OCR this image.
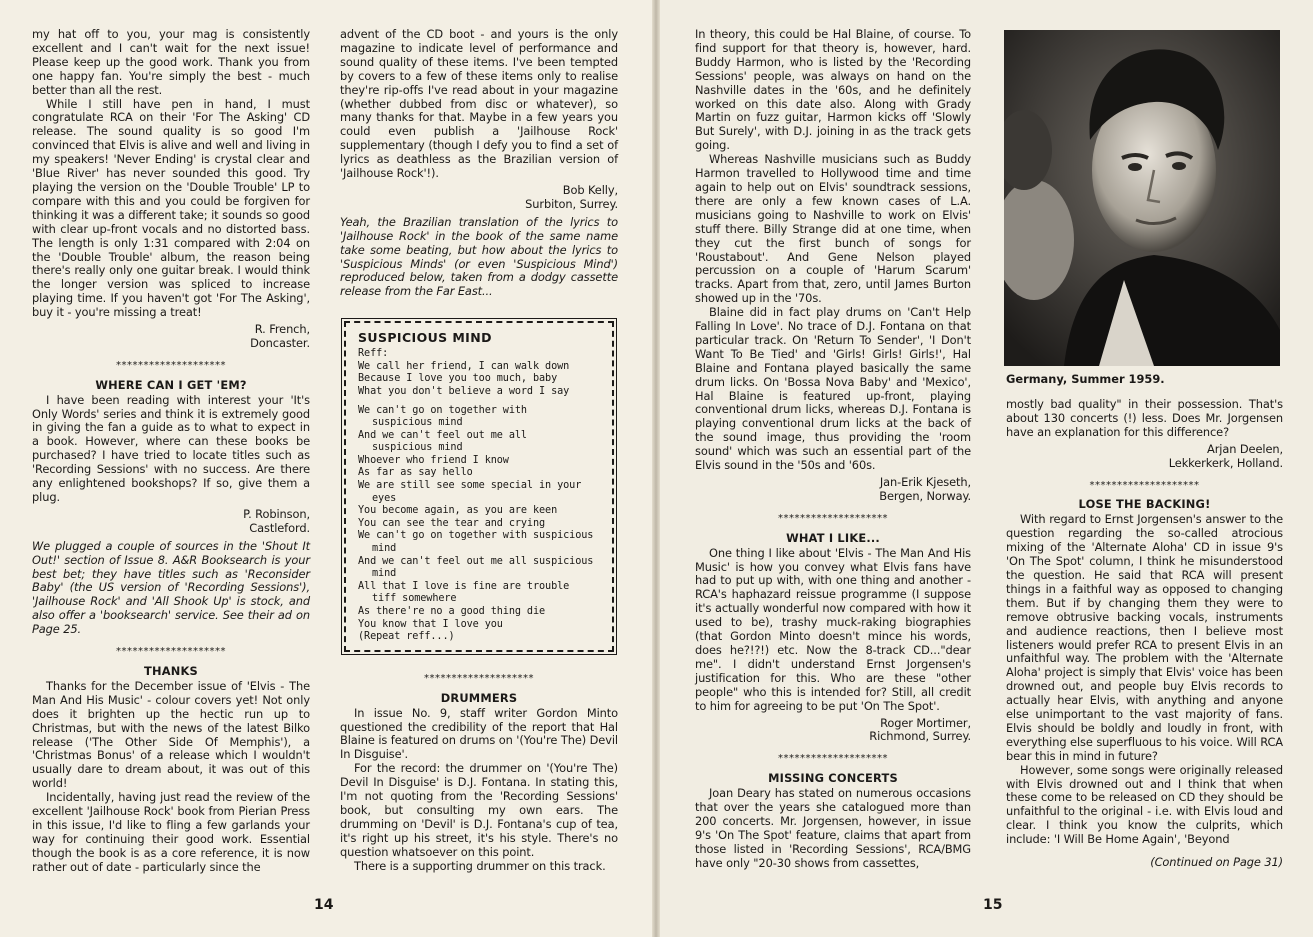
my hat off to you, your mag is consistently excellent and I can't wait for the next issue! Please keep up the good work. Thank you from one happy fan. You're simply the best - much better than all the rest.

While I still have pen in hand, I must congratulate RCA on their 'For The Asking' CD release. The sound quality is so good I'm convinced that Elvis is alive and well and living in my speakers! 'Never Ending' is crystal clear and 'Blue River' has never sounded this good. Try playing the version on the 'Double Trouble' LP to compare with this and you could be forgiven for thinking it was a different take; it sounds so good with clear up-front vocals and no distorted bass. The length is only 1:31 compared with 2:04 on the 'Double Trouble' album, the reason being there's really only one guitar break. I would think the longer version was spliced to increase playing time. If you haven't got 'For The Asking', buy it - you're missing a treat!

R. French,
Doncaster.
********************
WHERE CAN I GET 'EM?

I have been reading with interest your 'It's Only Words' series and think it is extremely good in giving the fan a guide as to what to expect in a book. However, where can these books be purchased? I have tried to locate titles such as 'Recording Sessions' with no success. Are there any enlightened bookshops? If so, give them a plug.

P. Robinson,
Castleford.

We plugged a couple of sources in the 'Shout It Out!' section of Issue 8. A&R Booksearch is your best bet; they have titles such as 'Reconsider Baby' (the US version of 'Recording Sessions'), 'Jailhouse Rock' and 'All Shook Up' is stock, and also offer a 'booksearch' service. See their ad on Page 25.

********************
THANKS

Thanks for the December issue of 'Elvis - The Man And His Music' - colour covers yet! Not only does it brighten up the hectic run up to Christmas, but with the news of the latest Bilko release ('The Other Side Of Memphis'), a 'Christmas Bonus' of a release which I wouldn't usually dare to dream about, it was out of this world!

Incidentally, having just read the review of the excellent 'Jailhouse Rock' book from Pierian Press in this issue, I'd like to fling a few garlands your way for continuing their good work. Essential though the book is as a core reference, it is now rather out of date - particularly since the

advent of the CD boot - and yours is the only magazine to indicate level of performance and sound quality of these items. I've been tempted by covers to a few of these items only to realise they're rip-offs I've read about in your magazine (whether dubbed from disc or whatever), so many thanks for that. Maybe in a few years you could even publish a 'Jailhouse Rock' supplementary (though I defy you to find a set of lyrics as deathless as the Brazilian version of 'Jailhouse Rock'!).

Bob Kelly,
Surbiton, Surrey.

Yeah, the Brazilian translation of the lyrics to 'Jailhouse Rock' in the book of the same name take some beating, but how about the lyrics to 'Suspicious Minds' (or even 'Suspicious Mind') reproduced below, taken from a dodgy cassette release from the Far East...

SUSPICIOUS MIND
Reff:
We call her friend, I can walk down
Because I love you too much, baby
What you don't believe a word I say
We can't go on together with
suspicious mind
And we can't feel out me all
suspicious mind
Whoever who friend I know
As far as say hello
We are still see some special in your
eyes
You become again, as you are keen
You can see the tear and crying
We can't go on together with suspicious
mind
And we can't feel out me all suspicious
mind
All that I love is fine are trouble
tiff somewhere
As there're no a good thing die
You know that I love you
(Repeat reff...)
********************
DRUMMERS

In issue No. 9, staff writer Gordon Minto questioned the credibility of the report that Hal Blaine is featured on drums on '(You're The) Devil In Disguise'.

For the record: the drummer on '(You're The) Devil In Disguise' is D.J. Fontana. In stating this, I'm not quoting from the 'Recording Sessions' book, but consulting my own ears. The drumming on 'Devil' is D.J. Fontana's cup of tea, it's right up his street, it's his style. There's no question whatsoever on this point.

There is a supporting drummer on this track.

14

In theory, this could be Hal Blaine, of course. To find support for that theory is, however, hard. Buddy Harmon, who is listed by the 'Recording Sessions' people, was always on hand on the Nashville dates in the '60s, and he definitely worked on this date also. Along with Grady Martin on fuzz guitar, Harmon kicks off 'Slowly But Surely', with D.J. joining in as the track gets going.

Whereas Nashville musicians such as Buddy Harmon travelled to Hollywood time and time again to help out on Elvis' soundtrack sessions, there are only a few known cases of L.A. musicians going to Nashville to work on Elvis' stuff there. Billy Strange did at one time, when they cut the first bunch of songs for 'Roustabout'. And Gene Nelson played percussion on a couple of 'Harum Scarum' tracks. Apart from that, zero, until James Burton showed up in the '70s.

Blaine did in fact play drums on 'Can't Help Falling In Love'. No trace of D.J. Fontana on that particular track. On 'Return To Sender', 'I Don't Want To Be Tied' and 'Girls! Girls! Girls!', Hal Blaine and Fontana played basically the same drum licks. On 'Bossa Nova Baby' and 'Mexico', Hal Blaine is featured up-front, playing conventional drum licks, whereas D.J. Fontana is playing conventional drum licks at the back of the sound image, thus providing the 'room sound' which was such an essential part of the Elvis sound in the '50s and '60s.

Jan-Erik Kjeseth,
Bergen, Norway.
********************
WHAT I LIKE...

One thing I like about 'Elvis - The Man And His Music' is how you convey what Elvis fans have had to put up with, with one thing and another - RCA's haphazard reissue programme (I suppose it's actually wonderful now compared with how it used to be), trashy muck-raking biographies (that Gordon Minto doesn't mince his words, does he?!?!) etc. Now the 8-track CD..."dear me". I didn't understand Ernst Jorgensen's justification for this. Who are these "other people" who this is intended for? Still, all credit to him for agreeing to be put 'On The Spot'.

Roger Mortimer,
Richmond, Surrey.
********************
MISSING CONCERTS

Joan Deary has stated on numerous occasions that over the years she catalogued more than 200 concerts. Mr. Jorgensen, however, in issue 9's 'On The Spot' feature, claims that apart from those listed in 'Recording Sessions', RCA/BMG have only "20-30 shows from cassettes,

Germany, Summer 1959.

mostly bad quality" in their possession. That's about 130 concerts (!) less. Does Mr. Jorgensen have an explanation for this difference?

Arjan Deelen,
Lekkerkerk, Holland.
********************
LOSE THE BACKING!

With regard to Ernst Jorgensen's answer to the question regarding the so-called atrocious mixing of the 'Alternate Aloha' CD in issue 9's 'On The Spot' column, I think he misunderstood the question. He said that RCA will present things in a faithful way as opposed to changing them. But if by changing them they were to remove obtrusive backing vocals, instruments and audience reactions, then I believe most listeners would prefer RCA to present Elvis in an unfaithful way. The problem with the 'Alternate Aloha' project is simply that Elvis' voice has been drowned out, and people buy Elvis records to actually hear Elvis, with anything and anyone else unimportant to the vast majority of fans. Elvis should be boldly and loudly in front, with everything else superfluous to his voice. Will RCA bear this in mind in future?

However, some songs were originally released with Elvis drowned out and I think that when these come to be released on CD they should be unfaithful to the original - i.e. with Elvis loud and clear. I think you know the culprits, which include: 'I Will Be Home Again', 'Beyond

(Continued on Page 31)
15
